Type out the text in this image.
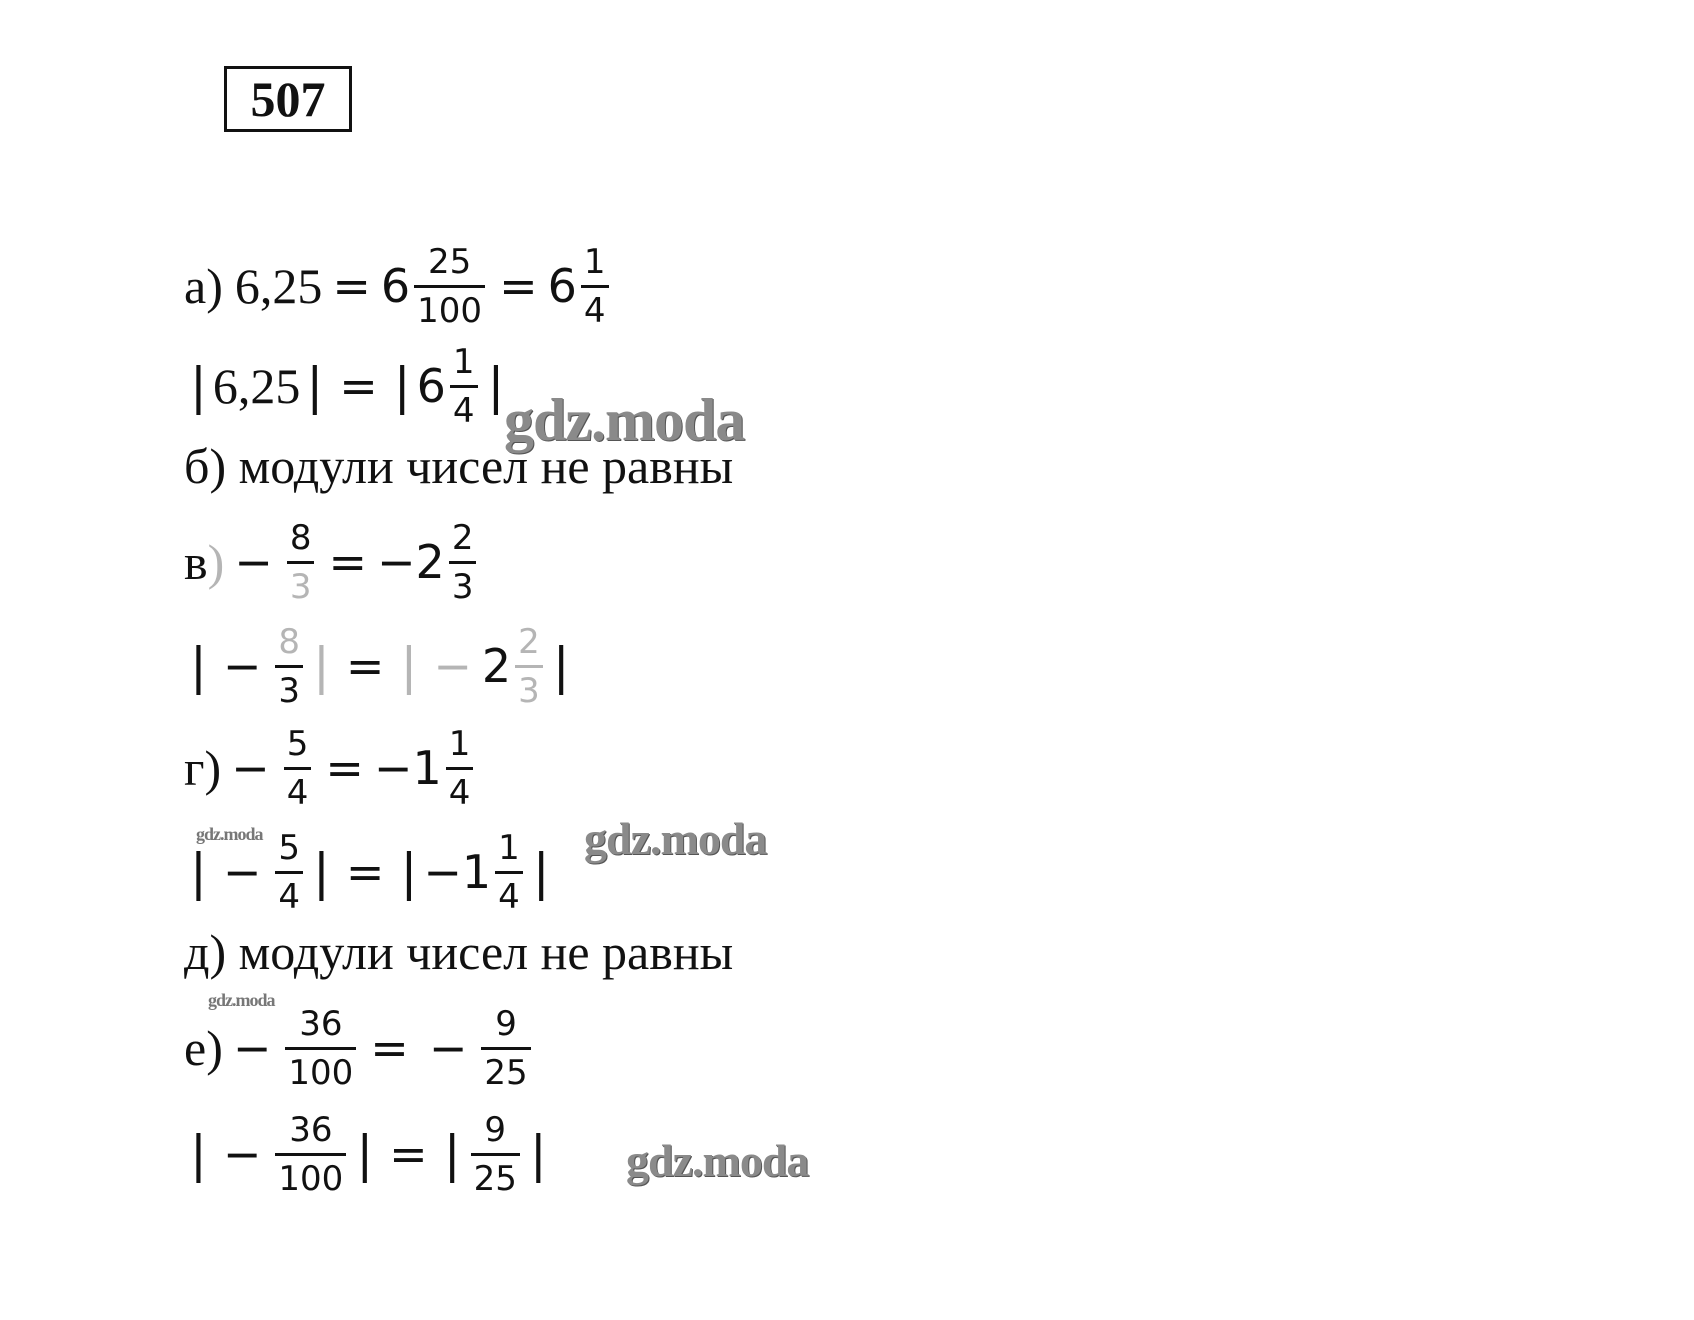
507
а) $6,25 = 6 \frac{25}{100} = 6 \frac{1}{4}$
| 6,25 | = | $6 \frac{1}{4}$ |
б) модули чисел не равны
в ) − $\frac{8}{3} = -2 \frac{2}{3}$
| − $\frac{8}{3}$ | = | − $2 \frac{2}{3}$ |
$г) - \frac{5}{4} = -1 \frac{1}{4}$
| − $\frac{5}{4}$ | = | $-1 \frac{1}{4}$ |
д) модули чисел не равны
$е) - \frac{36}{100}$ = − $\frac{9}{25}$
| − $\frac{36}{100}$ | = | $\frac{9}{25}$ |
gdz.moda
gdz.moda
gdz.moda
gdz.moda
gdz.moda
